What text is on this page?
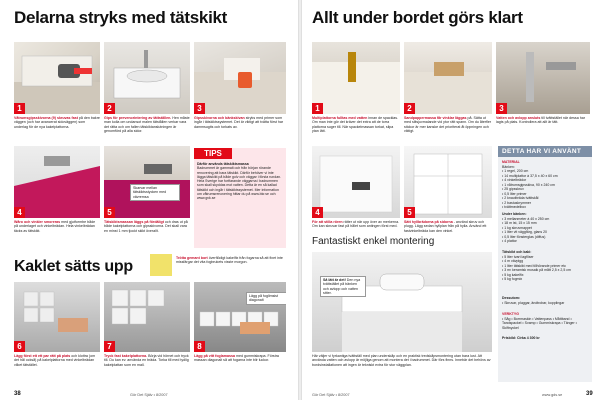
Delarna stryks med tätskikt
1	2	3
Våtrumsgipsskivorna (9) skruvas fast på den bakre väggen (och har avancerat sidoväggen) som underlag för de nya kakelplattorna.
Gips för prevenorintering av tättstållen. Hen måste man kolla om undansot malen tätstållen verkar vara det rätta och om fallen tätskiktanslutningen är genomförd på alla sidor.
Gipsskivorna och bänkskivan stryks med primer som ingår i tätskiktssystemet. Det är viktigt att tvätta först har dammsugits och torkats av.
4
Skarvar mellan tätskiktsstycken med vävremsa
5
Wåro och vinkler smoreras med gjutformbe både på underlaget och vinkelbrädan. Hela vinkelbrädan täcks av tätskikt.
Tätskiktsmassan läggs på fördäligt och dras ut på både kakelplattorna och gipsskivorna. Det skall vara en minst 1 mm tjockt skikt överallt.
TIPS
Därför används tätskiktsmassa
Badrummet är gammalt och från början rörande renovering att bara tätskikt. Därför behöver vi inte lägga tätskikt på både golv och väggar i första rundan. Hela Sverige har fortfarande väggarna i badrummen som skall skyddas mot vatten. Detta är en så kallad tätskikt och ingår i tätskiktssystemet. Mer information om våtrumsrenovering hittar du på www.bkr.se och www.gvk.se
Kaklet sätts upp	Trötta gemant bort överflödigt kakelfix från fogarna så att fixet inte missfärgar det vita fogbrukets visste morgon.
6	7
Lägg på foglimsist diagonalt
8
Lägg först ett ett par rätt på plats och klottra (om det hål också) på kakelplattorna med vinkelbrädan vilket tätstället.
Tryck fast kakelplattorna. Börja vid hörnet och tryck till. Du kan ev. använda en bräda. Torka till med tydlig kakelplattan som en mall.
Lägg på vitt foglamassa med gummiskrapa. Förstra massan diagonalt så att fogarna inte blir luckor.
38	Gör Det Själv • 8/2007
Allt under bordet görs klart
1	2	3
Multiplattorna fulltas med vatten innan de spacklas. Om man inte gör det kräver det extra att de torra plattorna suger till. När spackelmassan torkat, slipa ytan lätt.
Sandpappermassa får vinklar läggas på. Sätta ut med slitsjuvmalande vid ytor rätt spann. Om du återfler stickor är mer kanske det prioriterat åt öppningen och viktigt.
Vatten och avlopp ansluts till tvättstället när dessa har lagts på plats. Kontrollera att allt är tätt.
4	5
För att stilla rören rätter ut när upp över av merkerna. Om kan skruvar fast på hålet som antingen först med.
Sätt hyllbrädorna på sidorna - använd skruv och plugg. Lägg sedan hyllplan från på hylla. Använd ett fastvinkelbräda kan den vinkel.
Fantastiskt enkel montering
Så lätt är det! Den nya tvättstället på bänken och avlopp och vatten sitter.
Här väljer vi fyrkantiga tvättställ med plan underskåp och en praktisk tredskåpsmontering utan bara lust. Att använda vatten och avlopp är möjliga genom att montera det i badrummet. Där förs finns. Innebär det behövs av bordsinstallationen att ingen är tekniskt extra för stor väggplan.
DETTA HAR VI ANVÄNT
MATERIAL
Bänken:
• 1 regel, 200 cm
• 14 multiplattor à 37,5 x 40 x 60 cm
• 4 vinkelbrädor
• 1 våtrumsgipsskiva, 90 x 240 cm
• 25 gipsskruv
• 0,5 liter primer
• 2 knautbräda tvättskål
• 2 bastuskrymmer
• tvättmedelbox
Under bänken:
• 3 mellanmeter à 40 x 250 cm
• 18 m lst, 15 x 15 mm
• 1 kg skruvmappet
• 1 liter vit väggfärg, glans 20
• 0,5 liter fönsterglas (diffus)
• 4 plattor
Tätskikt och kaki:
• 5 liter tvart lagfliser
• 4 m vävpigg
• 1 liter tätskikt med tillhörande primer etc
• 3 m² keramisk mosaik på mått 2,5 x 2,5 cm
• 5 kg kakelfix
• 5 kg fogmix
Dessutom:
• Skruvar, pluggar, ändtrobar, kopplingar
VERKTYG
• Såg • Borrmaskin • Vattenpass • Måttband • Tandspackel • Svamp • Gummiskrapa • Tänger • Skiftnyckel
Prisbild: Cirka 4 300 kr
Gör Det Själv • 8/2007	www.gds.se	39
